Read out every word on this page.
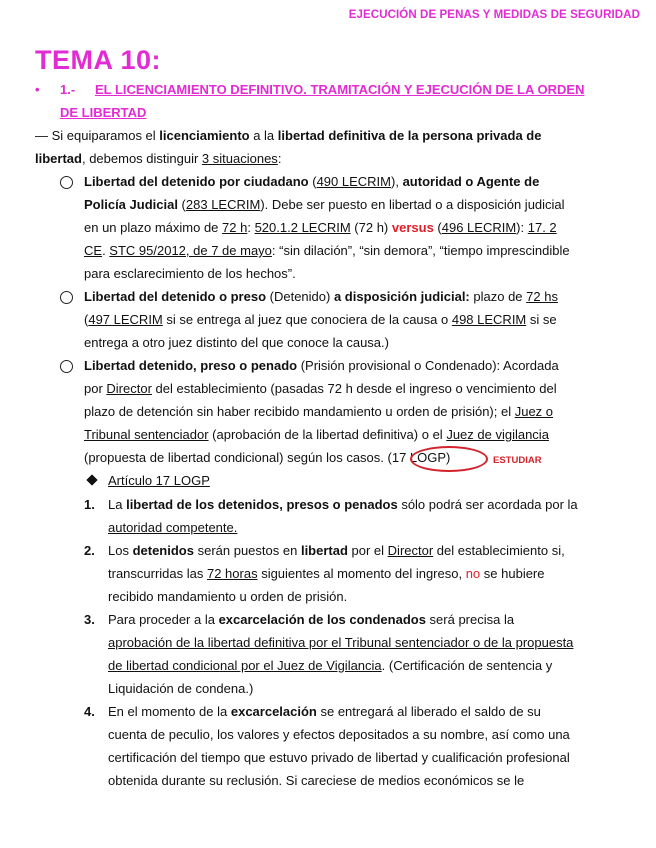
EJECUCIÓN DE PENAS Y MEDIDAS DE SEGURIDAD
TEMA 10:
• 1.- EL LICENCIAMIENTO DEFINITIVO. TRAMITACIÓN Y EJECUCIÓN DE LA ORDEN
DE LIBERTAD
— Si equiparamos el licenciamiento a la libertad definitiva de la persona privada de
libertad, debemos distinguir 3 situaciones:
Libertad del detenido por ciudadano (490 LECRIM), autoridad o Agente de
Policía Judicial (283 LECRIM). Debe ser puesto en libertad o a disposición judicial
en un plazo máximo de 72 h: 520.1.2 LECRIM (72 h) versus (496 LECRIM): 17. 2
CE. STC 95/2012, de 7 de mayo: “sin dilación”, “sin demora”, “tiempo imprescindible
para esclarecimiento de los hechos”.
Libertad del detenido o preso (Detenido) a disposición judicial: plazo de 72 hs
(497 LECRIM si se entrega al juez que conociera de la causa o 498 LECRIM si se
entrega a otro juez distinto del que conoce la causa.)
Libertad detenido, preso o penado (Prisión provisional o Condenado): Acordada
por Director del establecimiento (pasadas 72 h desde el ingreso o vencimiento del
plazo de detención sin haber recibido mandamiento u orden de prisión); el Juez o
Tribunal sentenciador (aprobación de la libertad definitiva) o el Juez de vigilancia
(propuesta de libertad condicional) según los casos. (17 LOGP)	ESTUDIAR
Artículo 17 LOGP
1. La libertad de los detenidos, presos o penados sólo podrá ser acordada por la
autoridad competente.
2. Los detenidos serán puestos en libertad por el Director del establecimiento si,
transcurridas las 72 horas siguientes al momento del ingreso, no se hubiere
recibido mandamiento u orden de prisión.
3. Para proceder a la excarcelación de los condenados será precisa la
aprobación de la libertad definitiva por el Tribunal sentenciador o de la propuesta
de libertad condicional por el Juez de Vigilancia. (Certificación de sentencia y
Liquidación de condena.)
4. En el momento de la excarcelación se entregará al liberado el saldo de su
cuenta de peculio, los valores y efectos depositados a su nombre, así como una
certificación del tiempo que estuvo privado de libertad y cualificación profesional
obtenida durante su reclusión. Si careciese de medios económicos se le
